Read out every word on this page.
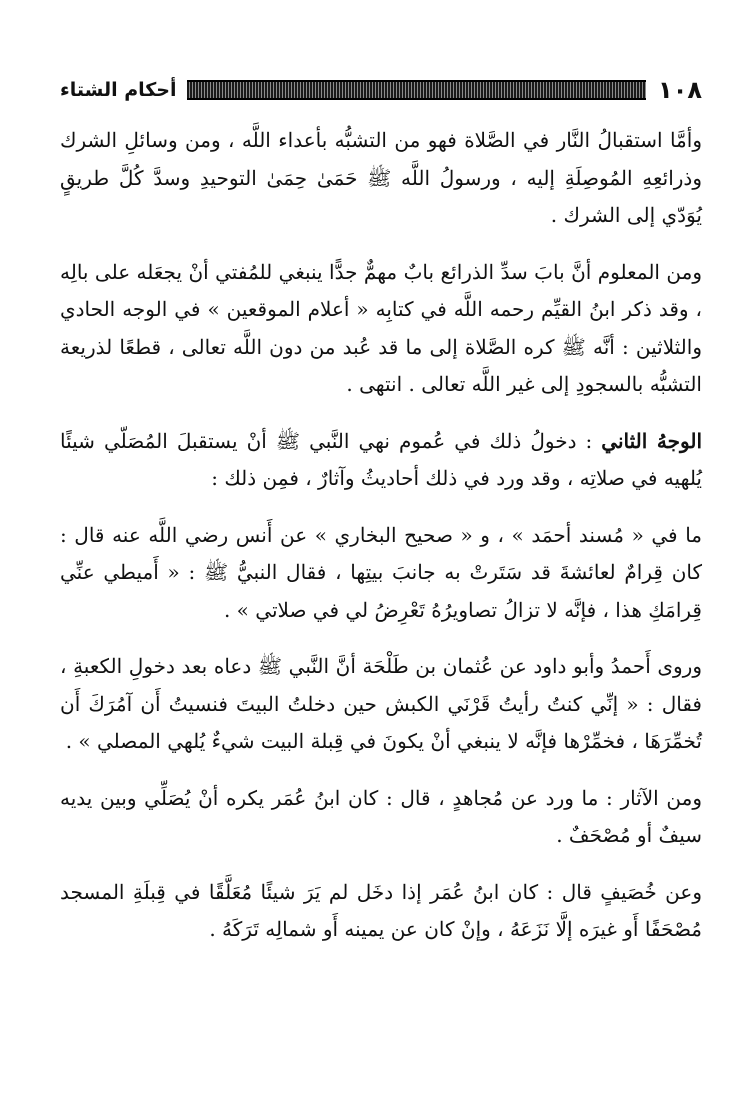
١٠٨
أحكام الشتاء

وأمَّا استقبالُ النَّار في الصَّلاة فهو من التشبُّه بأعداء اللَّه ، ومن وسائلِ الشرك وذرائعِهِ المُوصِلَةِ إليه ، ورسولُ اللَّه ﷺ حَمَىٰ حِمَىٰ التوحيدِ وسدَّ كُلَّ طريقٍ يُوَدّي إلى الشرك .

ومن المعلوم أنَّ بابَ سدِّ الذرائع بابٌ مهمٌّ جدًّا ينبغي للمُفتي أنْ يجعَله على بالِه ، وقد ذكر ابنُ القيِّم رحمه اللَّه في كتابِه « أعلام الموقعين » في الوجه الحادي والثلاثين : أنَّه ﷺ كره الصَّلاة إلى ما قد عُبد من دون اللَّه تعالى ، قطعًا لذريعة التشبُّه بالسجودِ إلى غير اللَّه تعالى . انتهى .

الوجهُ الثاني : دخولُ ذلك في عُموم نهي النَّبي ﷺ أنْ يستقبلَ المُصَلّي شيئًا يُلهيه في صلاتِه ، وقد ورد في ذلك أحاديثُ وآثارٌ ، فمِن ذلك :

ما في « مُسند أحمَد » ، و « صحيح البخاري » عن أَنس رضي اللَّه عنه قال : كان قِرامٌ لعائشةَ قد سَتَرتْ به جانبَ بيتِها ، فقال النبيُّ ﷺ : « أَميطي عنِّي قِرامَكِ هذا ، فإنَّه لا تزالُ تصاويرُهُ تَعْرِضُ لي في صلاتي » .

وروى أَحمدُ وأبو داود عن عُثمان بن طَلْحَة أنَّ النَّبي ﷺ دعاه بعد دخولِ الكعبةِ ، فقال : « إنِّي كنتُ رأيتُ قَرْنَي الكبش حين دخلتُ البيتَ فنسيتُ أَن آمُرَكَ أَن تُخمِّرَهَا ، فخمِّرْها فإنَّه لا ينبغي أنْ يكونَ في قِبلة البيت شيءٌ يُلهي المصلي » .

ومن الآثار : ما ورد عن مُجاهدٍ ، قال : كان ابنُ عُمَر يكره أنْ يُصَلِّي وبين يديه سيفٌ أو مُصْحَفٌ .

وعن خُصَيفٍ قال : كان ابنُ عُمَر إذا دخَل لم يَرَ شيئًا مُعَلَّقًا في قِبلَةِ المسجد مُصْحَفًا أَو غيرَه إلَّا نَزَعَهُ ، وإنْ كان عن يمينه أَو شمالِه تَرَكَهُ .
